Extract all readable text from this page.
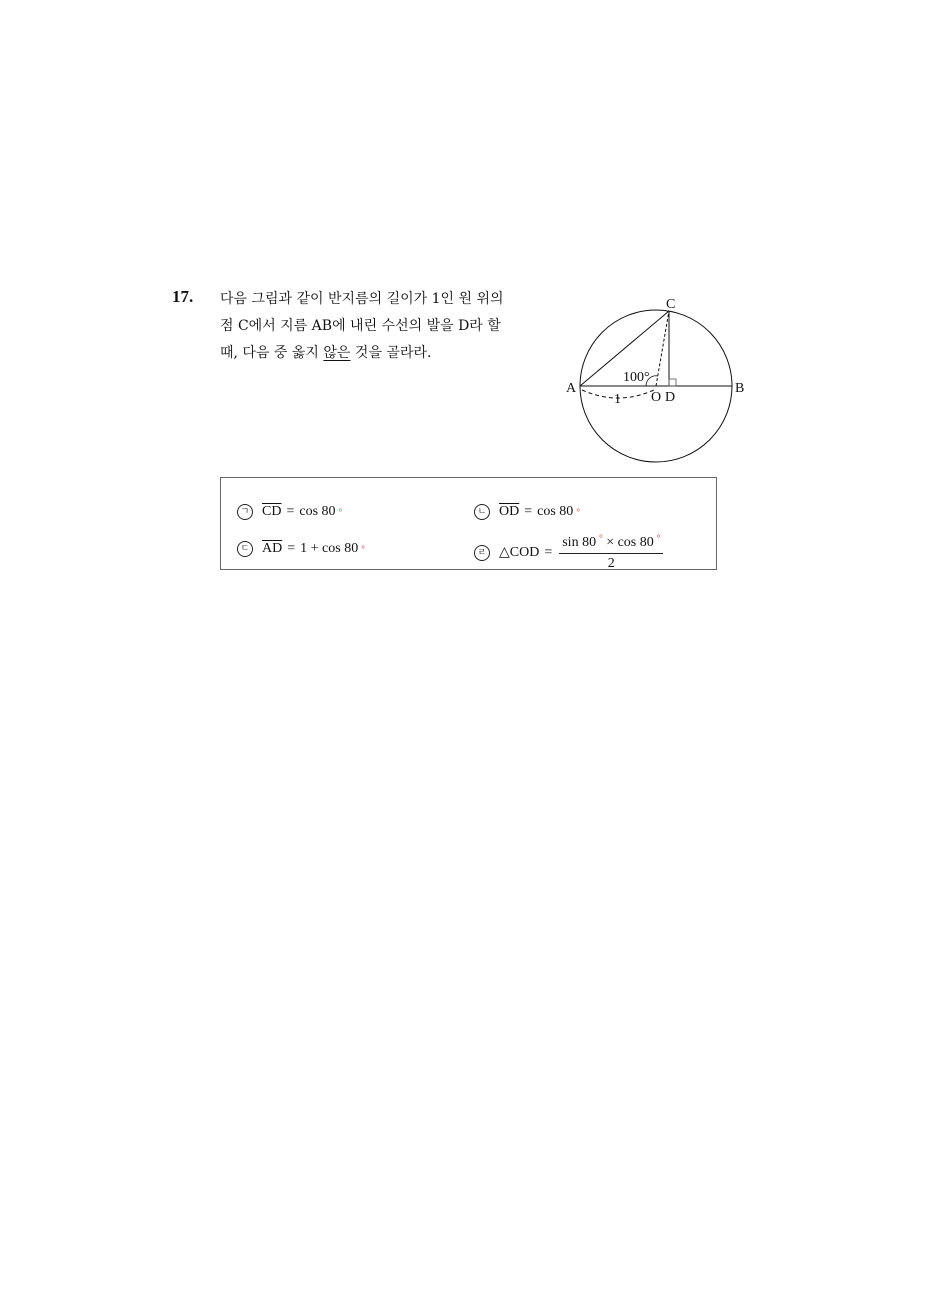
17. 다음 그림과 같이 반지름의 길이가 1인 원 위의
점 C에서 지름 AB에 내린 수선의 발을 D라 할
때, 다음 중 옳지 않은 것을 골라라.
C
A	B
O D
100°
1
ㄱ $\overline{CD} = \cos 80$ °	ㄴ $\overline{OD} = \cos 80$ °
ㄷ $\overline{AD} = 1 + \cos 80$ °	ㄹ △COD = $\frac{\sin 80 ^\circ \times \cos 80 ^\circ}{2}$
